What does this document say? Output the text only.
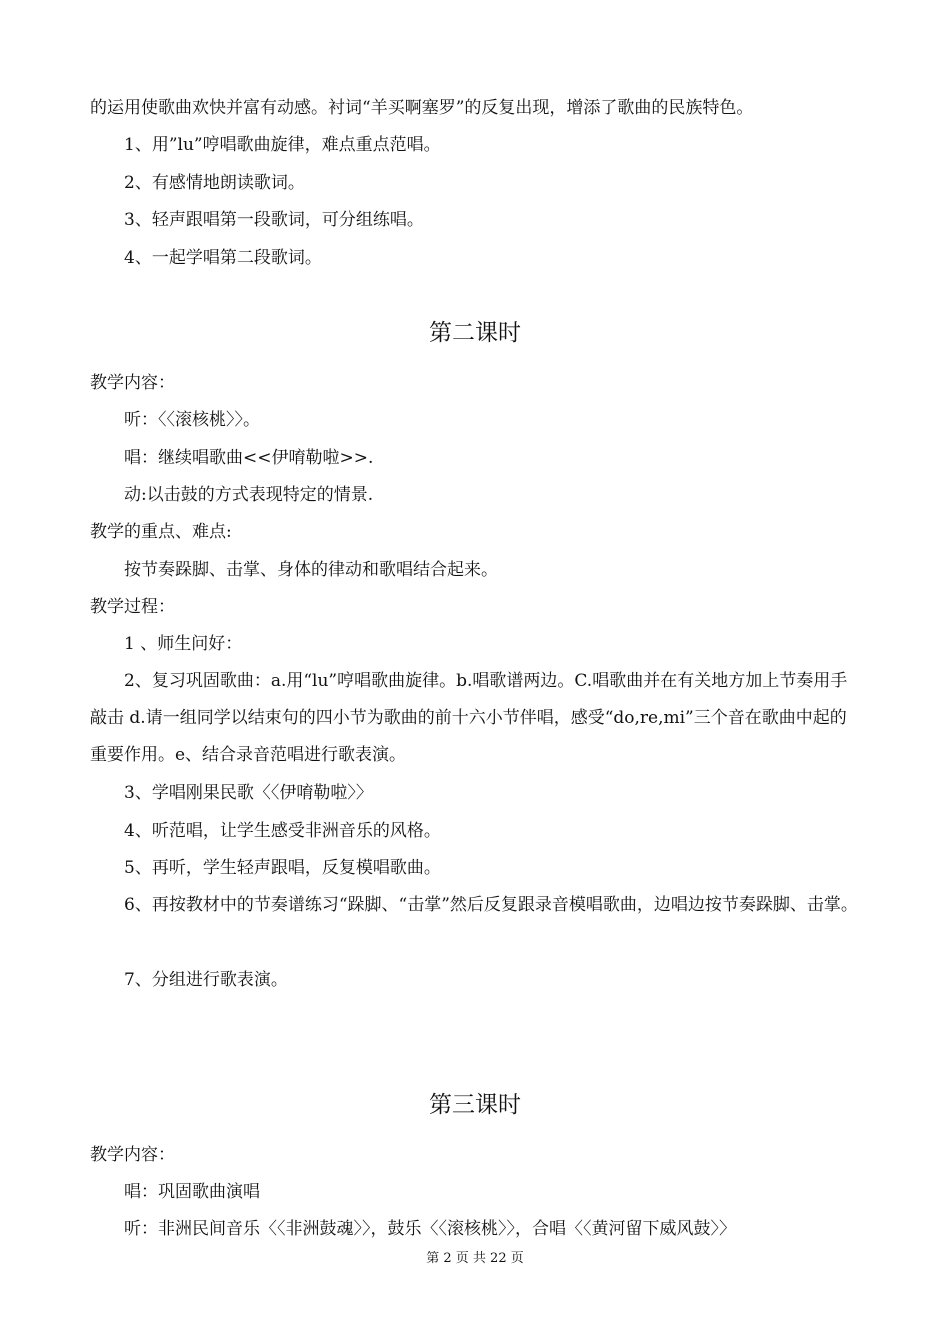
的运用使歌曲欢快并富有动感。衬词“羊买啊塞罗”的反复出现，增添了歌曲的民族特色。
1、用”lu”哼唱歌曲旋律，难点重点范唱。
2、有感情地朗读歌词。
3、轻声跟唱第一段歌词，可分组练唱。
4、一起学唱第二段歌词。
第二课时
教学内容：
听：〈〈滚核桃〉〉。
唱：继续唱歌曲<<伊唷勒啦>>.
动:以击鼓的方式表现特定的情景.
教学的重点、难点:
按节奏跺脚、击掌、身体的律动和歌唱结合起来。
教学过程：
1 、师生问好：
2、复习巩固歌曲：a.用“lu”哼唱歌曲旋律。b.唱歌谱两边。C.唱歌曲并在有关地方加上节奏用手敲击 d.请一组同学以结束句的四小节为歌曲的前十六小节伴唱，感受“do,re,mi”三个音在歌曲中起的重要作用。e、结合录音范唱进行歌表演。
3、学唱刚果民歌〈〈伊唷勒啦〉〉
4、听范唱，让学生感受非洲音乐的风格。
5、再听，学生轻声跟唱，反复模唱歌曲。
6、再按教材中的节奏谱练习“跺脚、“击掌”然后反复跟录音模唱歌曲，边唱边按节奏跺脚、击掌。
7、分组进行歌表演。
第三课时
教学内容：
唱：巩固歌曲演唱
听：非洲民间音乐〈〈非洲鼓魂〉〉，鼓乐〈〈滚核桃〉〉，合唱〈〈黄河留下威风鼓〉〉
第 2 页 共 22 页
